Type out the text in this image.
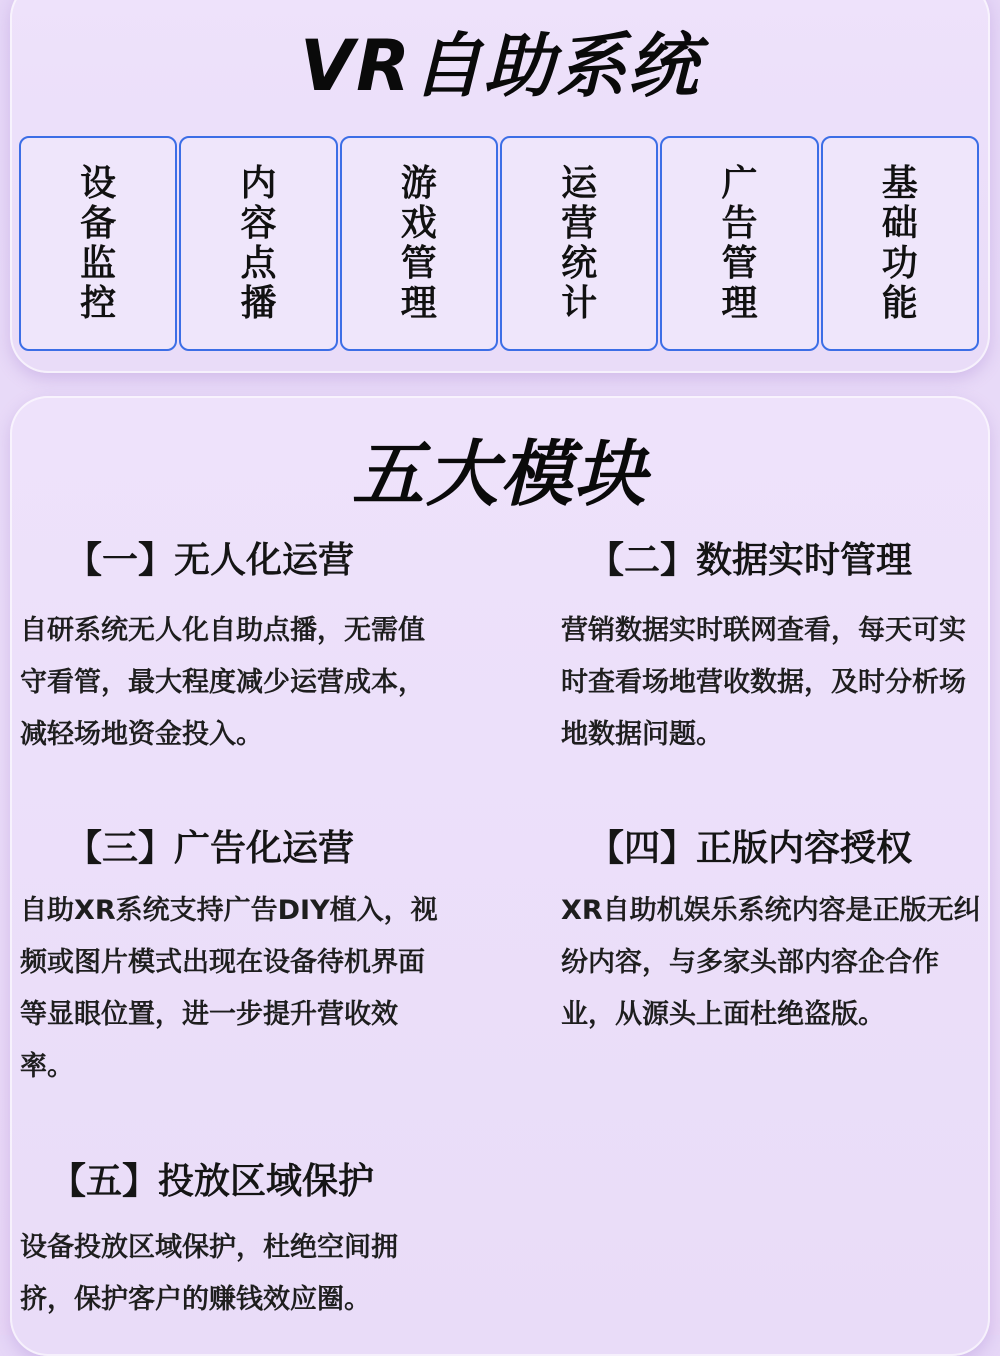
VR自助系统
设备监控
内容点播
游戏管理
运营统计
广告管理
基础功能
五大模块
【一】无人化运营
自研系统无人化自助点播，无需值守看管，最大程度减少运营成本，减轻场地资金投入。
【二】数据实时管理
营销数据实时联网查看，每天可实时查看场地营收数据，及时分析场地数据问题。
【三】广告化运营
自助XR系统支持广告DIY植入，视频或图片模式出现在设备待机界面等显眼位置，进一步提升营收效率。
【四】正版内容授权
XR自助机娱乐系统内容是正版无纠纷内容，与多家头部内容企合作业，从源头上面杜绝盗版。
【五】投放区域保护
设备投放区域保护，杜绝空间拥挤，保护客户的赚钱效应圈。
